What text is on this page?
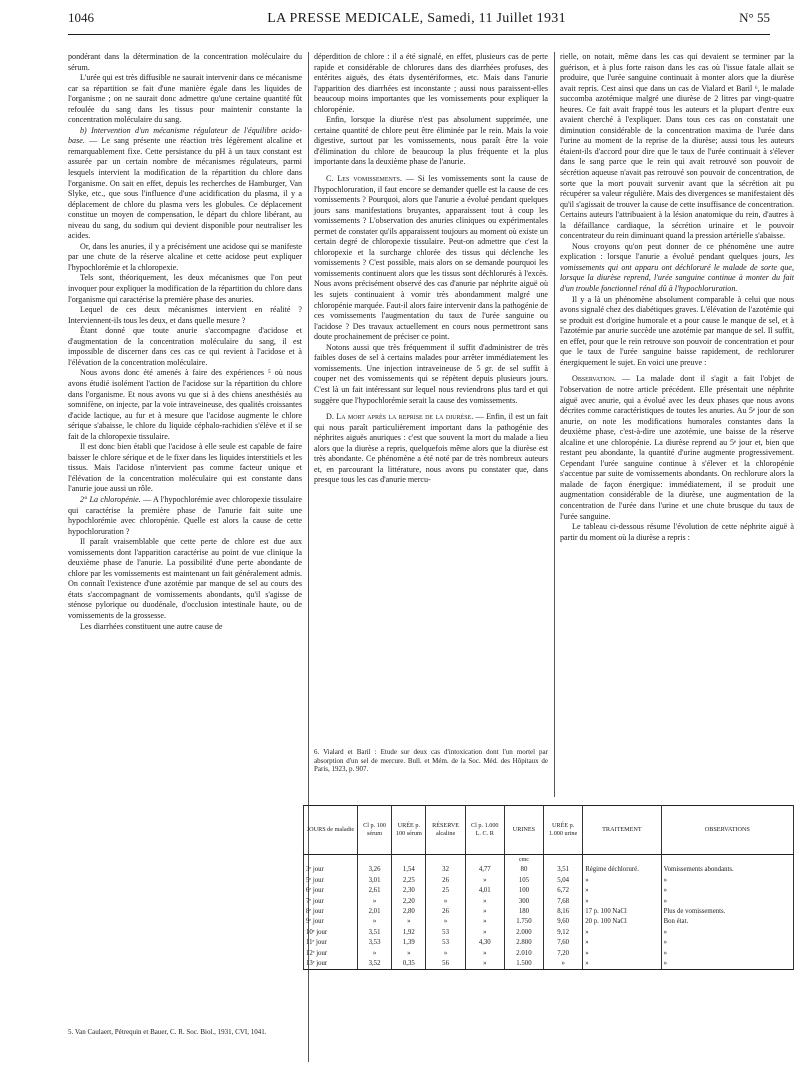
1046	LA PRESSE MEDICALE, Samedi, 11 Juillet 1931	N° 55

pondérant dans la détermination de la concentration moléculaire du sérum.

L'urée qui est très diffusible ne saurait intervenir dans ce mécanisme car sa répartition se fait d'une manière égale dans les liquides de l'organisme ; on ne saurait donc admettre qu'une certaine quantité fût refoulée du sang dans les tissus pour maintenir constante la concentration moléculaire du sang.

b) Intervention d'un mécanisme régulateur de l'équilibre acido-base. — Le sang présente une réaction très légèrement alcaline et remarquablement fixe. Cette persistance du pH à un taux constant est assurée par un certain nombre de mécanismes régulateurs, parmi lesquels intervient la modification de la répartition du chlore dans l'organisme. On sait en effet, depuis les recherches de Hamburger, Van Slyke, etc., que sous l'influence d'une acidification du plasma, il y a déplacement de chlore du plasma vers les globules. Ce déplacement constitue un moyen de compensation, le départ du chlore libérant, au niveau du sang, du sodium qui devient disponible pour neutraliser les acides.

Or, dans les anuries, il y a précisément une acidose qui se manifeste par une chute de la réserve alcaline et cette acidose peut expliquer l'hypochlorémie et la chloropexie.

Tels sont, théoriquement, les deux mécanismes que l'on peut invoquer pour expliquer la modification de la répartition du chlore dans l'organisme qui caractérise la première phase des anuries.

Lequel de ces deux mécanismes intervient en réalité ? Interviennent-ils tous les deux, et dans quelle mesure ?

Étant donné que toute anurie s'accompagne d'acidose et d'augmentation de la concentration moléculaire du sang, il est impossible de discerner dans ces cas ce qui revient à l'acidose et à l'élévation de la concentration moléculaire.

Nous avons donc été amenés à faire des expériences ⁵ où nous avons étudié isolément l'action de l'acidose sur la répartition du chlore dans l'organisme. Et nous avons vu que si à des chiens anesthésiés au somnifène, on injecte, par la voie intraveineuse, des qualités croissantes d'acide lactique, au fur et à mesure que l'acidose augmente le chlore sérique s'abaisse, le chlore du liquide céphalo-rachidien s'élève et il se fait de la chloropexie tissulaire.

Il est donc bien établi que l'acidose à elle seule est capable de faire baisser le chlore sérique et de le fixer dans les liquides interstitiels et les tissus. Mais l'acidose n'intervient pas comme facteur unique et l'élévation de la concentration moléculaire qui est constante dans l'anurie joue aussi un rôle.

2° La chloropénie. — A l'hypochlorémie avec chloropexie tissulaire qui caractérise la première phase de l'anurie fait suite une hypochlorémie avec chloropénie. Quelle est alors la cause de cette hypochloruration ?

Il paraît vraisemblable que cette perte de chlore est due aux vomissements dont l'apparition caractérise au point de vue clinique la deuxième phase de l'anurie. La possibilité d'une perte abondante de chlore par les vomissements est maintenant un fait généralement admis. On connaît l'existence d'une azotémie par manque de sel au cours des états s'accompagnant de vomissements abondants, qu'il s'agisse de sténose pylorique ou duodénale, d'occlusion intestinale haute, ou de vomissements de la grossesse.

Les diarrhées constituent une autre cause de

déperdition de chlore : il a été signalé, en effet, plusieurs cas de perte rapide et considérable de chlorures dans des diarrhées profuses, des entérites aiguës, des états dysentériformes, etc. Mais dans l'anurie l'apparition des diarrhées est inconstante ; aussi nous paraissent-elles beaucoup moins importantes que les vomissements pour expliquer la chloropénie.

Enfin, lorsque la diurèse n'est pas absolument supprimée, une certaine quantité de chlore peut être éliminée par le rein. Mais la voie digestive, surtout par les vomissements, nous paraît être la voie d'élimination du chlore de beaucoup la plus fréquente et la plus importante dans la deuxième phase de l'anurie.

C. Les vomissements. — Si les vomissements sont la cause de l'hypochloruration, il faut encore se demander quelle est la cause de ces vomissements ? Pourquoi, alors que l'anurie a évolué pendant quelques jours sans manifestations bruyantes, apparaissent tout à coup les vomissements ? L'observation des anuries cliniques ou expérimentales permet de constater qu'ils apparaissent toujours au moment où existe un certain degré de chloropexie tissulaire. Peut-on admettre que c'est la chloropexie et la surcharge chlorée des tissus qui déclenche les vomissements ? C'est possible, mais alors on se demande pourquoi les vomissements continuent alors que les tissus sont déchlorurés à l'excès. Nous avons précisément observé des cas d'anurie par néphrite aiguë où les sujets continuaient à vomir très abondamment malgré une chloropénie marquée. Faut-il alors faire intervenir dans la pathogénie de ces vomissements l'augmentation du taux de l'urée sanguine ou l'acidose ? Des travaux actuellement en cours nous permettront sans doute prochainement de préciser ce point.

Notons aussi que très fréquemment il suffit d'administrer de très faibles doses de sel à certains malades pour arrêter immédiatement les vomissements. Une injection intraveineuse de 5 gr. de sel suffit à couper net des vomissements qui se répètent depuis plusieurs jours. C'est là un fait intéressant sur lequel nous reviendrons plus tard et qui suggère que l'hypochlorémie serait la cause des vomissements.

D. La mort après la reprise de la diurèse. — Enfin, il est un fait qui nous paraît particulièrement important dans la pathogénie des néphrites aiguës anuriques : c'est que souvent la mort du malade a lieu alors que la diurèse a repris, quelquefois même alors que la diurèse est très abondante. Ce phénomène a été noté par de très nombreux auteurs et, en parcourant la littérature, nous avons pu constater que, dans presque tous les cas d'anurie mercu-

rielle, on notait, même dans les cas qui devaient se terminer par la guérison, et à plus forte raison dans les cas où l'issue fatale allait se produire, que l'urée sanguine continuait à monter alors que la diurèse avait repris. Cest ainsi que dans un cas de Vialard et Baril ⁶, le malade succomba azotémique malgré une diurèse de 2 litres par vingt-quatre heures. Ce fait avait frappé tous les auteurs et la plupart d'entre eux avaient cherché à l'expliquer. Dans tous ces cas on constatait une diminution considérable de la concentration maxima de l'urée dans l'urine au moment de la reprise de la diurèse; aussi tous les auteurs étaient-ils d'accord pour dire que le taux de l'urée continuait à s'élever dans le sang parce que le rein qui avait retrouvé son pouvoir de sécrétion aqueuse n'avait pas retrouvé son pouvoir de concentration, de sorte que la mort pouvait survenir avant que la sécrétion ait pu récupérer sa valeur régulière. Mais des divergences se manifestaient dès qu'il s'agissait de trouver la cause de cette insuffisance de concentration. Certains auteurs l'attribuaient à la lésion anatomique du rein, d'autres à la défaillance cardiaque, la sécrétion urinaire et le pouvoir concentrateur du rein diminuant quand la pression artérielle s'abaisse.

Nous croyons qu'on peut donner de ce phénomène une autre explication : lorsque l'anurie a évolué pendant quelques jours, les vomissements qui ont apparu ont déchloruré le malade de sorte que, lorsque la diurèse reprend, l'urée sanguine continue à monter du fait d'un trouble fonctionnel rénal dû à l'hypochloruration.

Il y a là un phénomène absolument comparable à celui que nous avons signalé chez des diabétiques graves. L'élévation de l'azotémie qui se produit est d'origine humorale et a pour cause le manque de sel, et à l'azotémie par anurie succède une azotémie par manque de sel. Il suffit, en effet, pour que le rein retrouve son pouvoir de concentration et pour que le taux de l'urée sanguine baisse rapidement, de rechlorurer énergiquement le sujet. En voici une preuve :

Observation. — La malade dont il s'agit a fait l'objet de l'observation de notre article précédent. Elle présentait une néphrite aiguë avec anurie, qui a évolué avec les deux phases que nous avons décrites comme caractéristiques de toutes les anuries. Au 5ᵉ jour de son anurie, on note les modifications humorales constantes dans la deuxième phase, c'est-à-dire une azotémie, une baisse de la réserve alcaline et une chloropénie. La diurèse reprend au 5ᵉ jour et, bien que restant peu abondante, la quantité d'urine augmente progressivement. Cependant l'urée sanguine continue à s'élever et la chloropénie s'accentue par suite de vomissements abondants. On rechlorure alors la malade de façon énergique: immédiatement, il se produit une augmentation considérable de la diurèse, une augmentation de la concentration de l'urée dans l'urine et une chute brusque du taux de l'urée sanguine.

Le tableau ci-dessous résume l'évolution de cette néphrite aiguë à partir du moment où la diurèse a repris :

5. Van Caulaert, Pétrequin et Bauer, C. R. Soc. Biol., 1931, CVI, 1041.
6. Vialard et Baril : Etude sur deux cas d'intoxication dont l'un mortel par absorption d'un sel de mercure. Bull. et Mém. de la Soc. Méd. des Hôpitaux de Paris, 1923, p. 907.
JOURS de maladie	Cl p. 100 sérum	URÉE p. 100 sérum	RÉSERVE alcaline	Cl p. 1.000 L. C. R	URINES	URÉE p. 1.000 urine	TRAITEMENT	OBSERVATIONS
					cmc			
3ᵉ jour	3,26	1,54	32	4,77	80	3,51	Régime déchloruré.	Vomissements abondants.
5ᵉ jour	3,01	2,25	26	»	105	5,04	»	»
6ᵉ jour	2,61	2,30	25	4,01	100	6,72	»	»
7ᵉ jour	»	2,20	»	»	300	7,68	»	»
8ᵉ jour	2,01	2,80	26	»	180	8,16	17 p. 100 NaCl	Plus de vomissements.
9ᵉ jour	»	»	»	»	1.750	9,60	20 p. 100 NaCl	Bon état.
10ᵉ jour	3,51	1,92	53	»	2.000	9,12	»	»
11ᵉ jour	3,53	1,39	53	4,30	2.800	7,60	»	»
12ᵉ jour	»	»	»	»	2.010	7,20	»	»
13ᵉ jour	3,52	0,35	56	»	1.500	»	»	»
